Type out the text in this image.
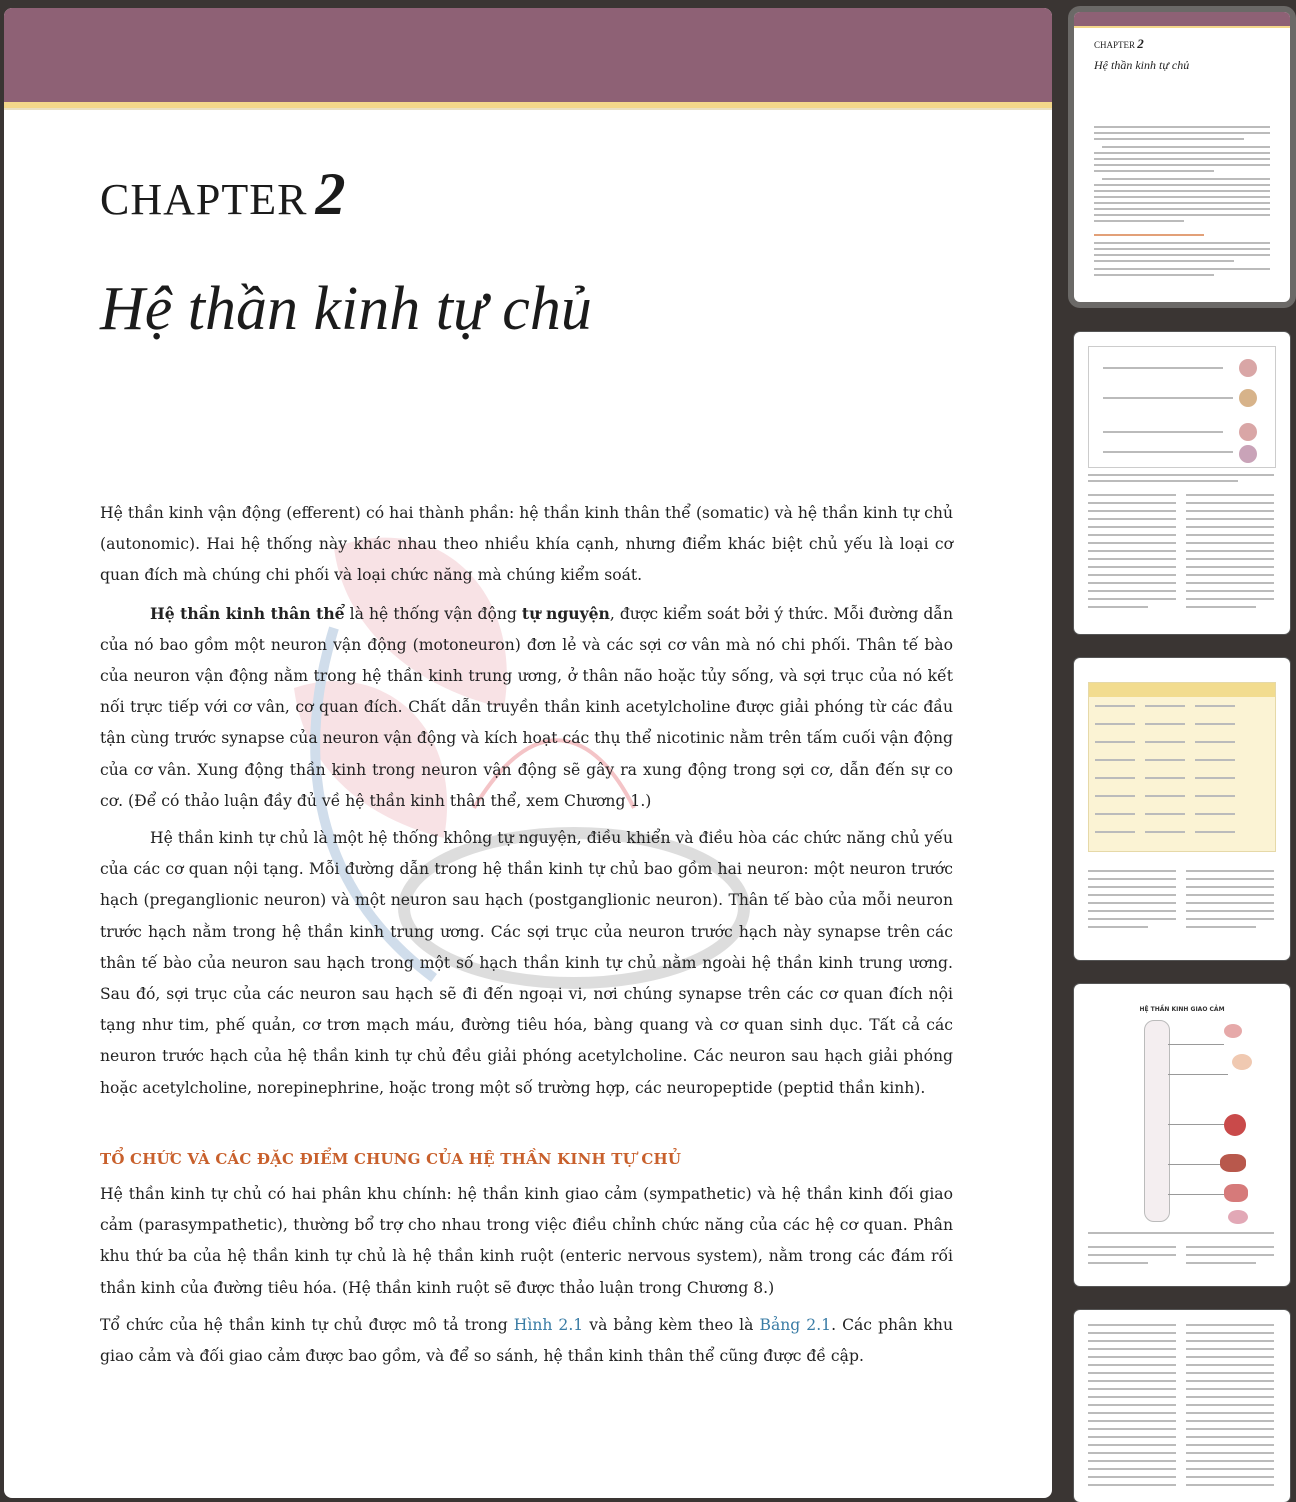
CHAPTER 2
Hệ thần kinh tự chủ

Hệ thần kinh vận động (efferent) có hai thành phần: hệ thần kinh thân thể (somatic) và hệ thần kinh tự chủ (autonomic). Hai hệ thống này khác nhau theo nhiều khía cạnh, nhưng điểm khác biệt chủ yếu là loại cơ quan đích mà chúng chi phối và loại chức năng mà chúng kiểm soát.

Hệ thần kinh thân thể là hệ thống vận động tự nguyện, được kiểm soát bởi ý thức. Mỗi đường dẫn của nó bao gồm một neuron vận động (motoneuron) đơn lẻ và các sợi cơ vân mà nó chi phối. Thân tế bào của neuron vận động nằm trong hệ thần kinh trung ương, ở thân não hoặc tủy sống, và sợi trục của nó kết nối trực tiếp với cơ vân, cơ quan đích. Chất dẫn truyền thần kinh acetylcholine được giải phóng từ các đầu tận cùng trước synapse của neuron vận động và kích hoạt các thụ thể nicotinic nằm trên tấm cuối vận động của cơ vân. Xung động thần kinh trong neuron vận động sẽ gây ra xung động trong sợi cơ, dẫn đến sự co cơ. (Để có thảo luận đầy đủ về hệ thần kinh thân thể, xem Chương 1.)

Hệ thần kinh tự chủ là một hệ thống không tự nguyện, điều khiển và điều hòa các chức năng chủ yếu của các cơ quan nội tạng. Mỗi đường dẫn trong hệ thần kinh tự chủ bao gồm hai neuron: một neuron trước hạch (preganglionic neuron) và một neuron sau hạch (postganglionic neuron). Thân tế bào của mỗi neuron trước hạch nằm trong hệ thần kinh trung ương. Các sợi trục của neuron trước hạch này synapse trên các thân tế bào của neuron sau hạch trong một số hạch thần kinh tự chủ nằm ngoài hệ thần kinh trung ương. Sau đó, sợi trục của các neuron sau hạch sẽ đi đến ngoại vi, nơi chúng synapse trên các cơ quan đích nội tạng như tim, phế quản, cơ trơn mạch máu, đường tiêu hóa, bàng quang và cơ quan sinh dục. Tất cả các neuron trước hạch của hệ thần kinh tự chủ đều giải phóng acetylcholine. Các neuron sau hạch giải phóng hoặc acetylcholine, norepinephrine, hoặc trong một số trường hợp, các neuropeptide (peptid thần kinh).

TỔ CHỨC VÀ CÁC ĐẶC ĐIỂM CHUNG CỦA HỆ THẦN KINH TỰ CHỦ

Hệ thần kinh tự chủ có hai phân khu chính: hệ thần kinh giao cảm (sympathetic) và hệ thần kinh đối giao cảm (parasympathetic), thường bổ trợ cho nhau trong việc điều chỉnh chức năng của các hệ cơ quan. Phân khu thứ ba của hệ thần kinh tự chủ là hệ thần kinh ruột (enteric nervous system), nằm trong các đám rối thần kinh của đường tiêu hóa. (Hệ thần kinh ruột sẽ được thảo luận trong Chương 8.)

Tổ chức của hệ thần kinh tự chủ được mô tả trong Hình 2.1 và bảng kèm theo là Bảng 2.1. Các phân khu giao cảm và đối giao cảm được bao gồm, và để so sánh, hệ thần kinh thân thể cũng được đề cập.

CHAPTER 2
Hệ thần kinh tự chủ
HỆ THẦN KINH GIAO CẢM
